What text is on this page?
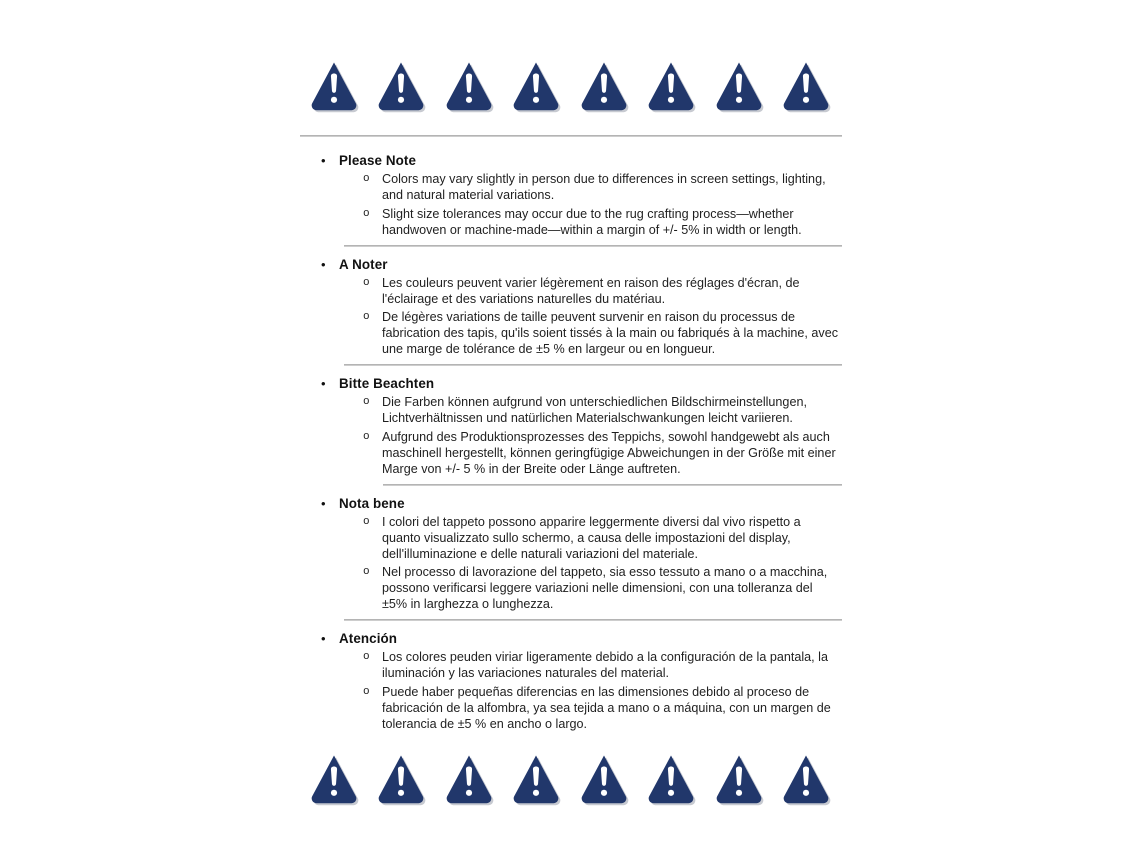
•	Please Note
o Colors may vary slightly in person due to differences in screen settings, lighting, and natural material variations.

o Slight size tolerances may occur due to the rug crafting process—whether handwoven or machine-made—within a margin of +/- 5% in width or length.

•	A Noter
o Les couleurs peuvent varier légèrement en raison des réglages d'écran, de l'éclairage et des variations naturelles du matériau.

o De légères variations de taille peuvent survenir en raison du processus de fabrication des tapis, qu'ils soient tissés à la main ou fabriqués à la machine, avec une marge de tolérance de ±5 % en largeur ou en longueur.

•	Bitte Beachten
o Die Farben können aufgrund von unterschiedlichen Bildschirmeinstellungen, Lichtverhältnissen und natürlichen Materialschwankungen leicht variieren.

o Aufgrund des Produktionsprozesses des Teppichs, sowohl handgewebt als auch maschinell hergestellt, können geringfügige Abweichungen in der Größe mit einer Marge von +/- 5 % in der Breite oder Länge auftreten.

•	Nota bene
o I colori del tappeto possono apparire leggermente diversi dal vivo rispetto a quanto visualizzato sullo schermo, a causa delle impostazioni del display, dell'illuminazione e delle naturali variazioni del materiale.

o Nel processo di lavorazione del tappeto, sia esso tessuto a mano o a macchina, possono verificarsi leggere variazioni nelle dimensioni, con una tolleranza del ±5% in larghezza o lunghezza.

•	Atención
o Los colores peuden viriar ligeramente debido a la configuración de la pantala, la iluminación y las variaciones naturales del material.

o Puede haber pequeñas diferencias en las dimensiones debido al proceso de fabricación de la alfombra, ya sea tejida a mano o a máquina, con un margen de tolerancia de ±5 % en ancho o largo.
